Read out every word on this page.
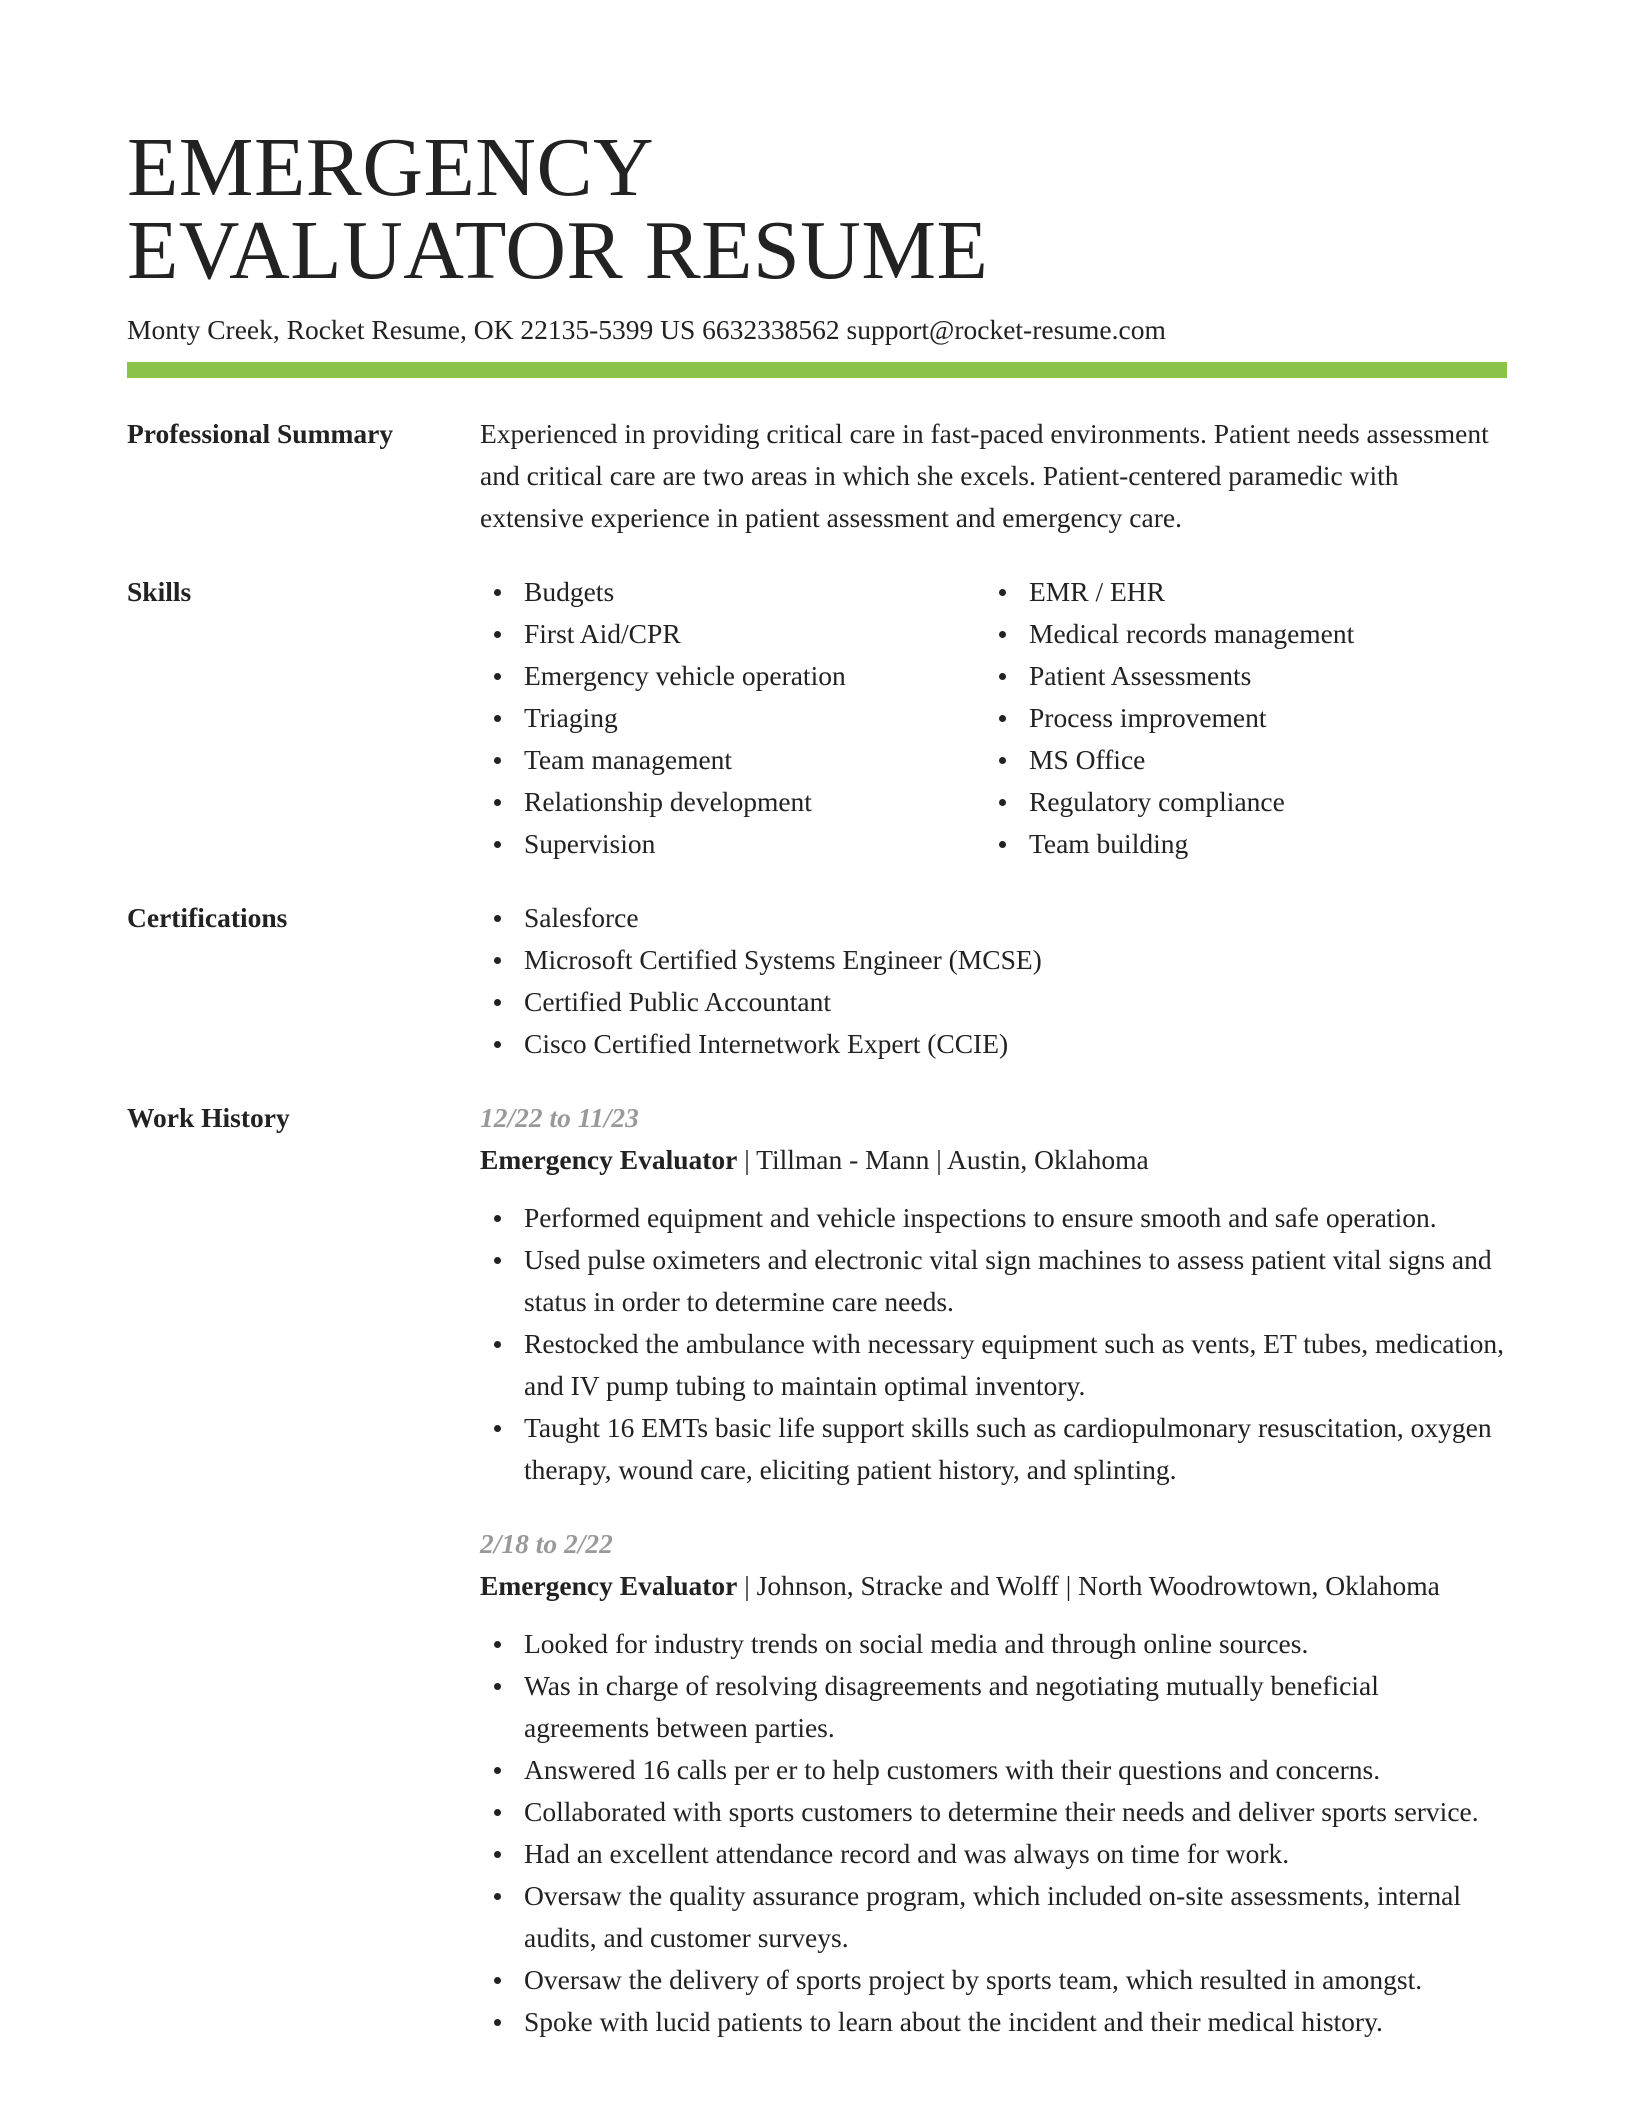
EMERGENCY
EVALUATOR RESUME
Monty Creek, Rocket Resume, OK 22135-5399 US 6632338562 support@rocket-resume.com
Professional Summary	Experienced in providing critical care in fast-paced environments. Patient needs assessment and critical care are two areas in which she excels. Patient-centered paramedic with extensive experience in patient assessment and emergency care.
Skills	Budgets
First Aid/CPR
Emergency vehicle operation
Triaging
Team management
Relationship development
Supervision
EMR / EHR
Medical records management
Patient Assessments
Process improvement
MS Office
Regulatory compliance
Team building
Certifications	Salesforce
Microsoft Certified Systems Engineer (MCSE)
Certified Public Accountant
Cisco Certified Internetwork Expert (CCIE)
Work History	12/22 to 11/23
Emergency Evaluator | Tillman - Mann | Austin, Oklahoma
Performed equipment and vehicle inspections to ensure smooth and safe operation.
Used pulse oximeters and electronic vital sign machines to assess patient vital signs and status in order to determine care needs.
Restocked the ambulance with necessary equipment such as vents, ET tubes, medication, and IV pump tubing to maintain optimal inventory.
Taught 16 EMTs basic life support skills such as cardiopulmonary resuscitation, oxygen therapy, wound care, eliciting patient history, and splinting.
2/18 to 2/22
Emergency Evaluator | Johnson, Stracke and Wolff | North Woodrowtown, Oklahoma
Looked for industry trends on social media and through online sources.
Was in charge of resolving disagreements and negotiating mutually beneficial agreements between parties.
Answered 16 calls per er to help customers with their questions and concerns.
Collaborated with sports customers to determine their needs and deliver sports service.
Had an excellent attendance record and was always on time for work.
Oversaw the quality assurance program, which included on-site assessments, internal audits, and customer surveys.
Oversaw the delivery of sports project by sports team, which resulted in amongst.
Spoke with lucid patients to learn about the incident and their medical history.
